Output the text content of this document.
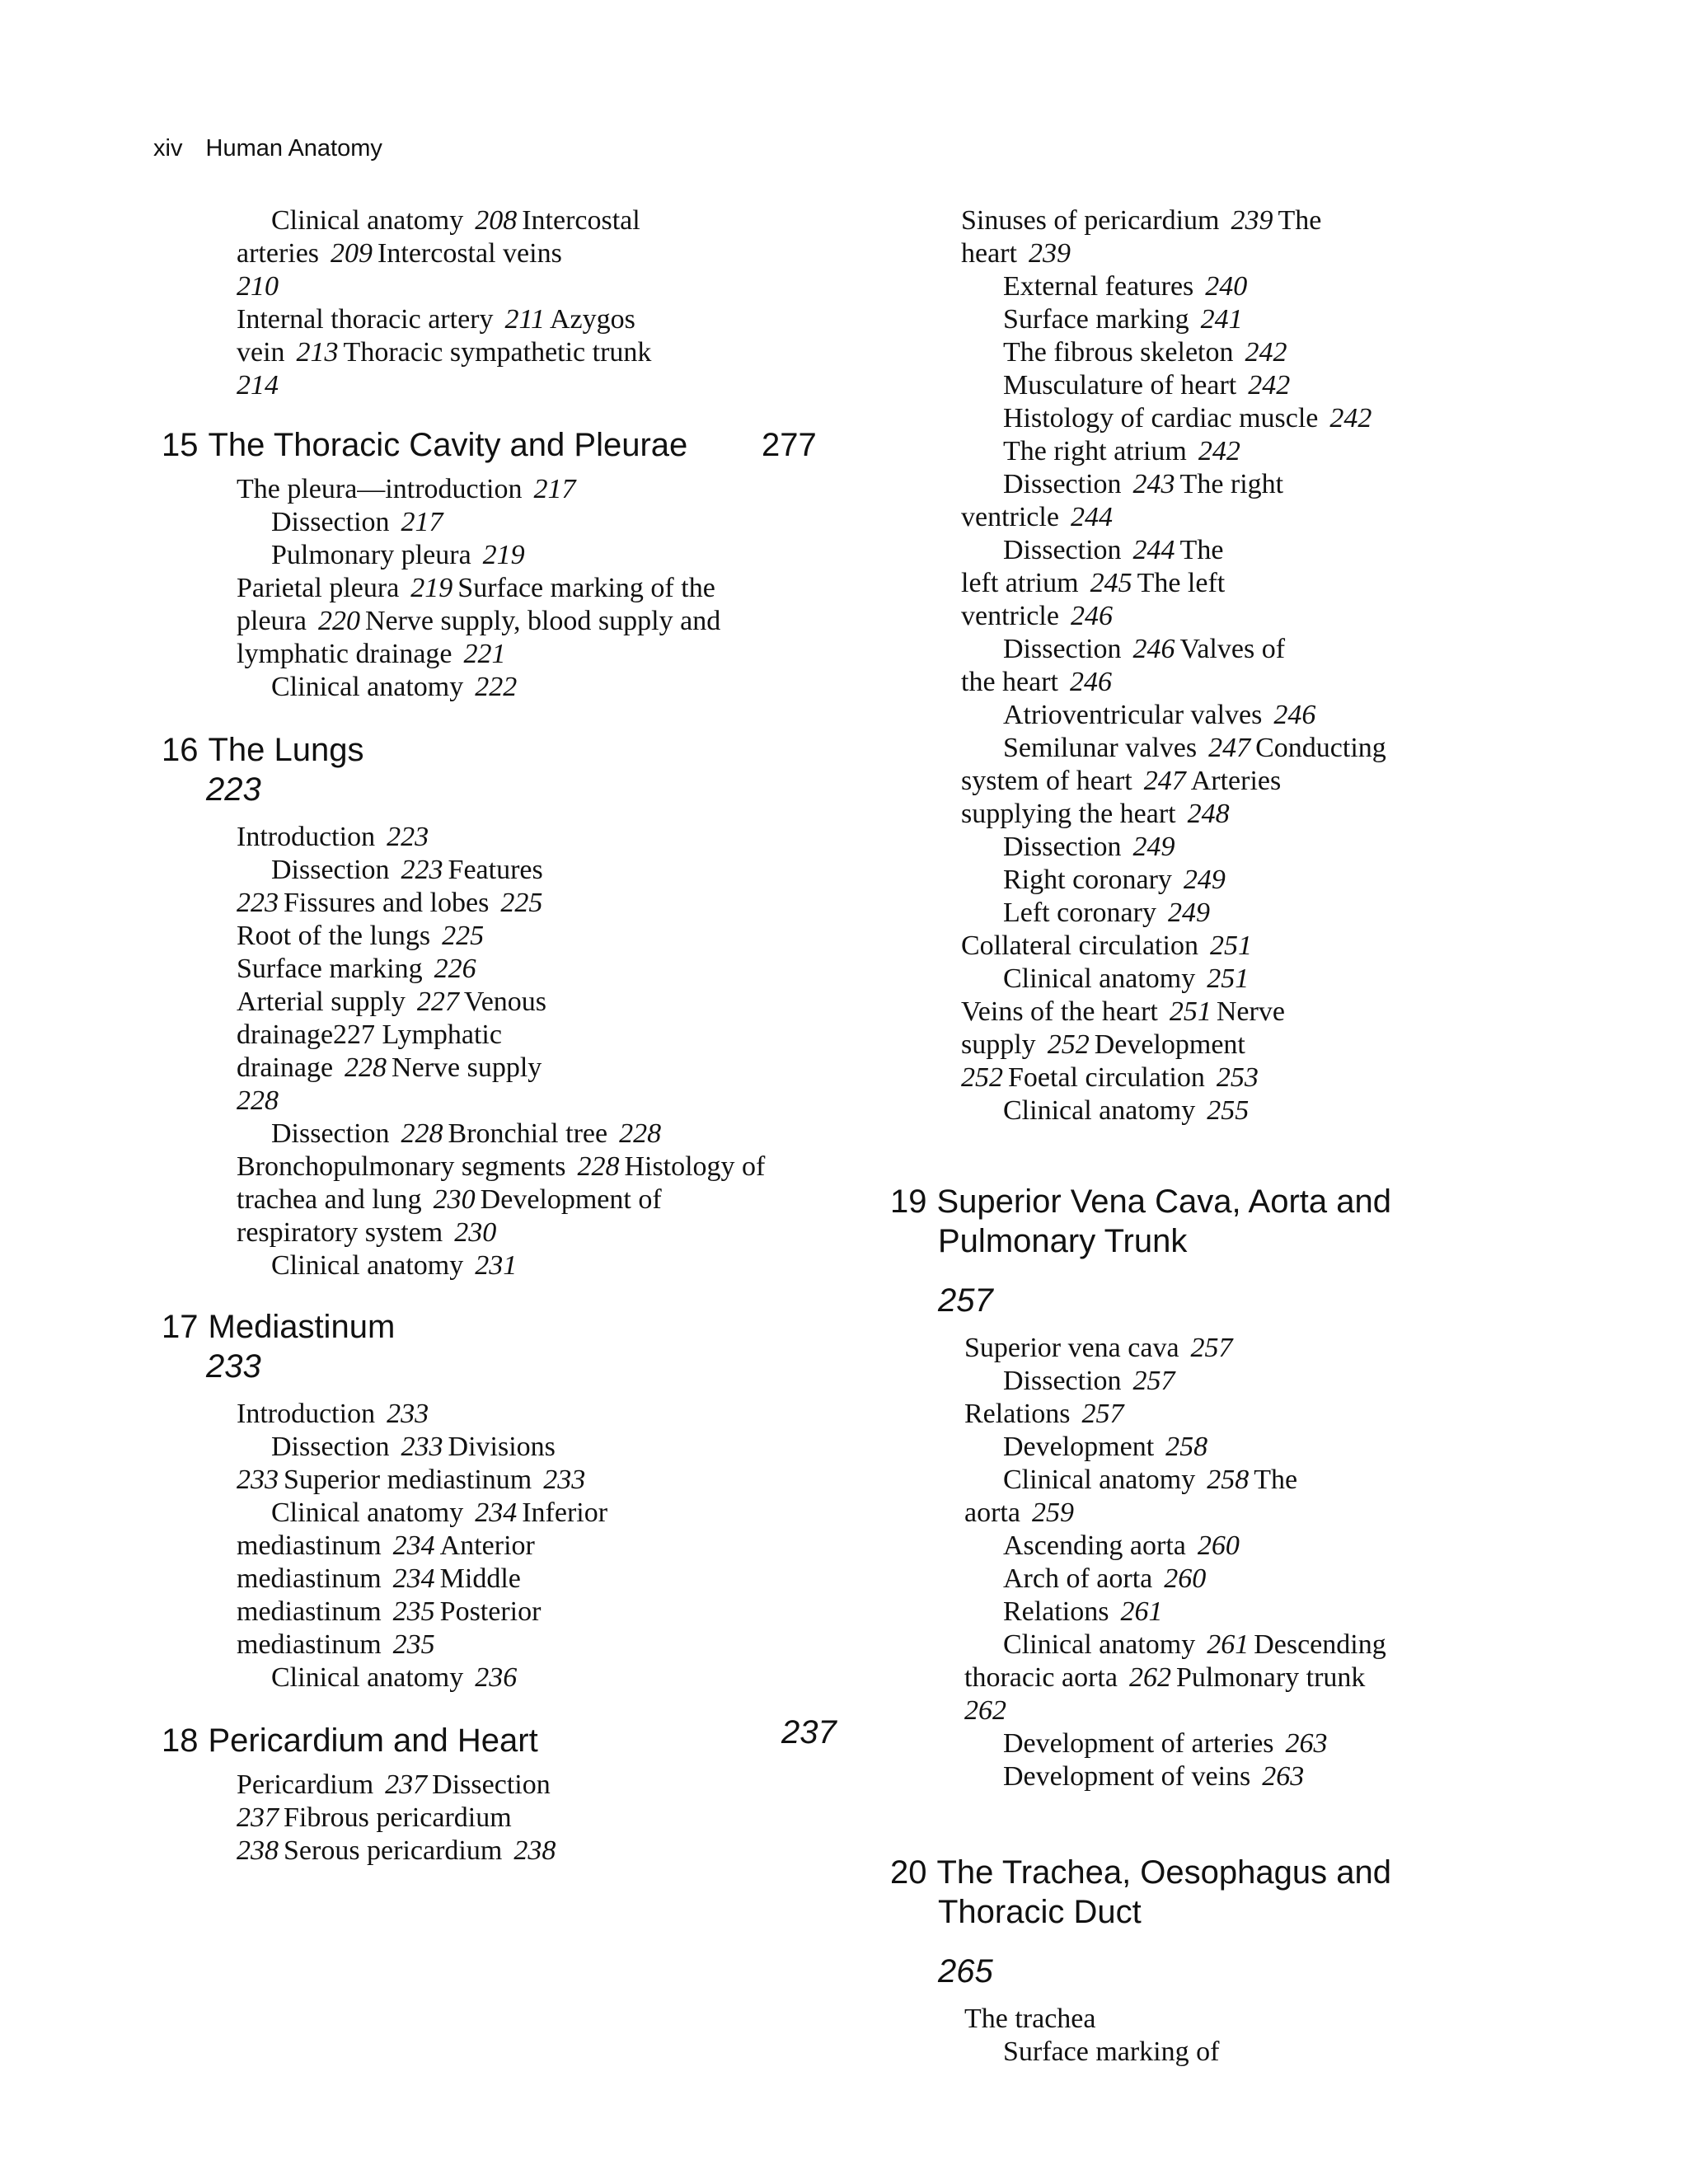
xiv Human Anatomy
Clinical anatomy 208 Intercostal
arteries 209 Intercostal veins
210
Internal thoracic artery 211 Azygos
vein 213 Thoracic sympathetic trunk
214
15 The Thoracic Cavity and Pleurae 277
The pleura—introduction 217
Dissection 217
Pulmonary pleura 219
Parietal pleura 219 Surface marking of the
pleura 220 Nerve supply, blood supply and
lymphatic drainage 221
Clinical anatomy 222
16 The Lungs
223
Introduction 223
Dissection 223 Features
223 Fissures and lobes 225
Root of the lungs 225
Surface marking 226
Arterial supply 227 Venous
drainage227 Lymphatic
drainage 228 Nerve supply
228
Dissection 228 Bronchial tree 228
Bronchopulmonary segments 228 Histology of
trachea and lung 230 Development of
respiratory system 230
Clinical anatomy 231
17 Mediastinum
233
Introduction 233
Dissection 233 Divisions
233 Superior mediastinum 233
Clinical anatomy 234 Inferior
mediastinum 234 Anterior
mediastinum 234 Middle
mediastinum 235 Posterior
mediastinum 235
Clinical anatomy 236
18 Pericardium and Heart	237
Pericardium 237 Dissection
237 Fibrous pericardium
238 Serous pericardium 238
Sinuses of pericardium 239 The
heart 239
External features 240
Surface marking 241
The fibrous skeleton 242
Musculature of heart 242
Histology of cardiac muscle 242
The right atrium 242
Dissection 243 The right
ventricle 244
Dissection 244 The
left atrium 245 The left
ventricle 246
Dissection 246 Valves of
the heart 246
Atrioventricular valves 246
Semilunar valves 247 Conducting
system of heart 247 Arteries
supplying the heart 248
Dissection 249
Right coronary 249
Left coronary 249
Collateral circulation 251
Clinical anatomy 251
Veins of the heart 251 Nerve
supply 252 Development
252 Foetal circulation 253
Clinical anatomy 255
19 Superior Vena Cava, Aorta and
Pulmonary Trunk
257
Superior vena cava 257
Dissection 257
Relations 257
Development 258
Clinical anatomy 258 The
aorta 259
Ascending aorta 260
Arch of aorta 260
Relations 261
Clinical anatomy 261 Descending
thoracic aorta 262 Pulmonary trunk
262
Development of arteries 263
Development of veins 263
20 The Trachea, Oesophagus and
Thoracic Duct
265
The trachea
Surface marking of
